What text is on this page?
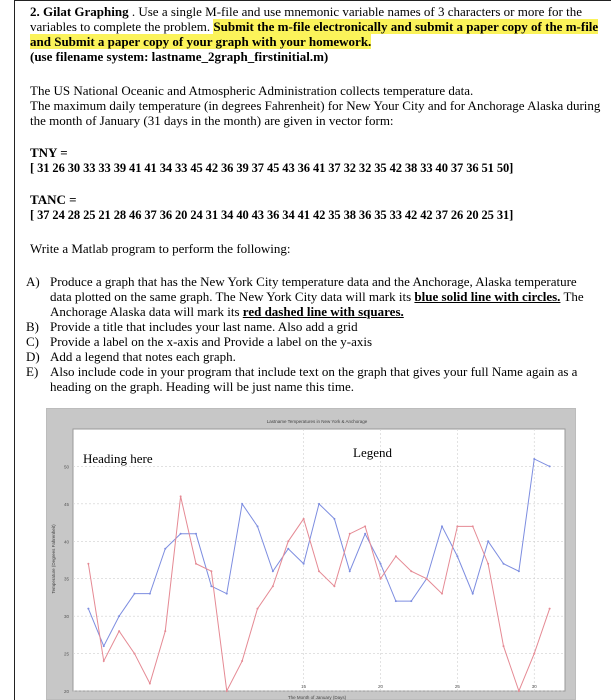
2. Gilat Graphing . Use a single M-file and use mnemonic variable names of 3 characters or more for the variables to complete the problem. Submit the m-file electronically and submit a paper copy of the m-file and Submit a paper copy of your graph with your homework.
(use filename system: lastname_2graph_firstinitial.m)
The US National Oceanic and Atmospheric Administration collects temperature data.
The maximum daily temperature (in degrees Fahrenheit) for New Your City and for Anchorage Alaska during the month of January (31 days in the month) are given in vector form:
TNY =
[ 31 26 30 33 33 39 41 41 34 33 45 42 36 39 37 45 43 36 41 37 32 32 35 42 38 33 40 37 36 51 50]
TANC =
[ 37 24 28 25 21 28 46 37 36 20 24 31 34 40 43 36 34 41 42 35 38 36 35 33 42 42 37 26 20 25 31]
Write a Matlab program to perform the following:
A) Produce a graph that has the New York City temperature data and the Anchorage, Alaska temperature data plotted on the same graph. The New York City data will mark its blue solid line with circles. The Anchorage Alaska data will mark its red dashed line with squares.
B) Provide a title that includes your last name. Also add a grid
C) Provide a label on the x-axis and Provide a label on the y-axis
D) Add a legend that notes each graph.
E) Also include code in your program that include text on the graph that gives your full Name again as a heading on the graph. Heading will be just name this time.
20
25
30
35
40
45
50
15	20	25	30
Lastname Temperatures in New York & Anchorage
The Month of January (Days)
Temperature (Degrees Fahrenheit)
Heading here	Legend
